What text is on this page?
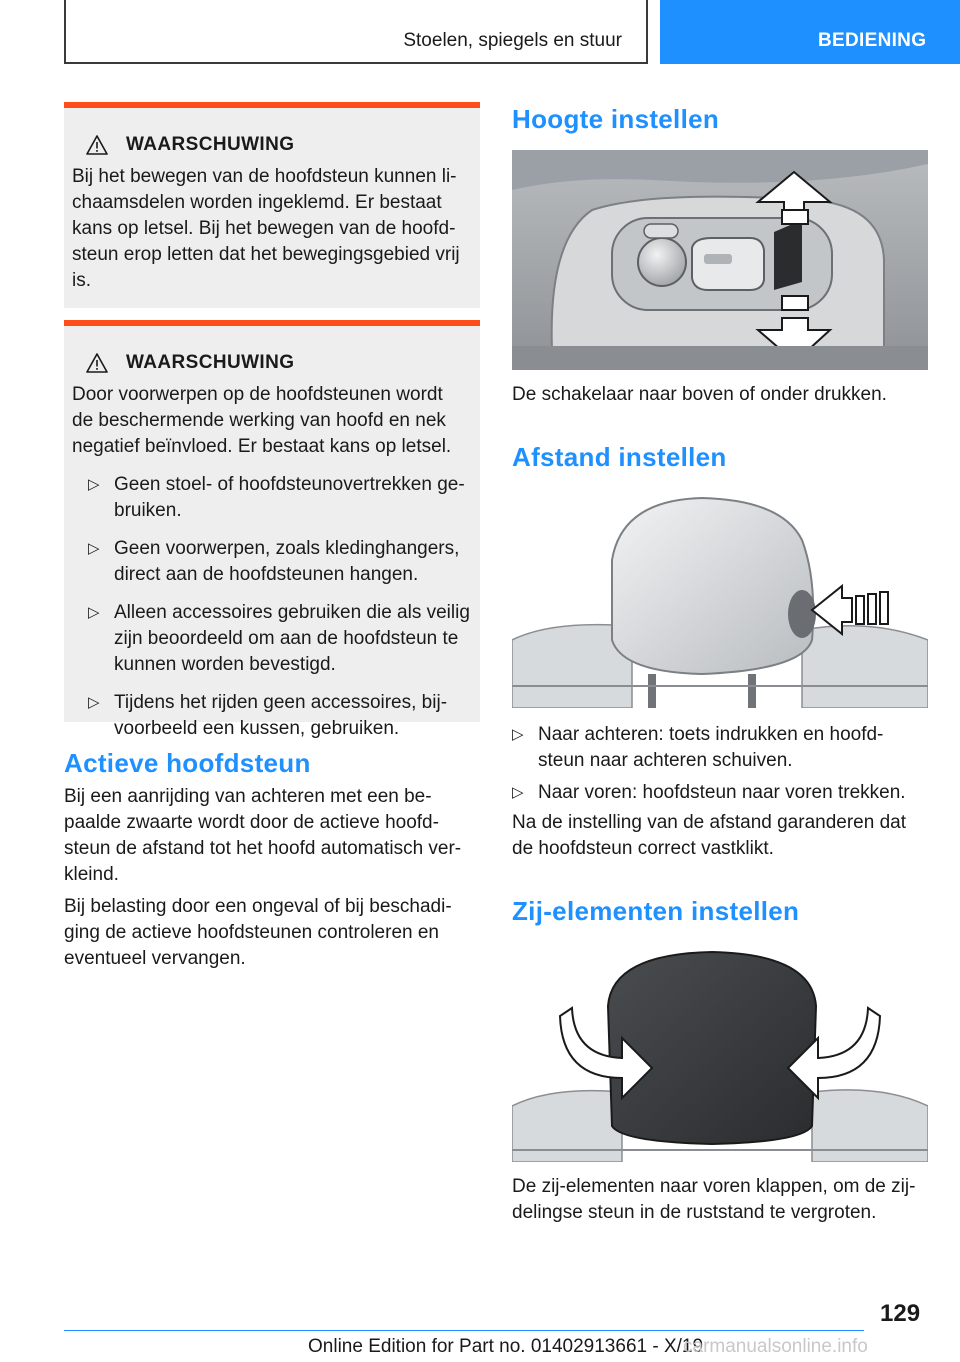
Stoelen, spiegels en stuur	BEDIENING
WAARSCHUWING

Bij het bewegen van de hoofdsteun kunnen li-
chaamsdelen worden ingeklemd. Er bestaat
kans op letsel. Bij het bewegen van de hoofd-
steun erop letten dat het bewegingsgebied vrij
is.

WAARSCHUWING

Door voorwerpen op de hoofdsteunen wordt
de beschermende werking van hoofd en nek
negatief beïnvloed. Er bestaat kans op letsel.

▷ Geen stoel- of hoofdsteunovertrekken ge-
bruiken.
▷ Geen voorwerpen, zoals kledinghangers,
direct aan de hoofdsteunen hangen.
▷ Alleen accessoires gebruiken die als veilig
zijn beoordeeld om aan de hoofdsteun te
kunnen worden bevestigd.
▷ Tijdens het rijden geen accessoires, bij-
voorbeeld een kussen, gebruiken.
Actieve hoofdsteun

Bij een aanrijding van achteren met een be-
paalde zwaarte wordt door de actieve hoofd-
steun de afstand tot het hoofd automatisch ver-
kleind.

Bij belasting door een ongeval of bij beschadi-
ging de actieve hoofdsteunen controleren en
eventueel vervangen.

Hoogte instellen

De schakelaar naar boven of onder drukken.

Afstand instellen
▷ Naar achteren: toets indrukken en hoofd-
steun naar achteren schuiven.
▷ Naar voren: hoofdsteun naar voren trekken.

Na de instelling van de afstand garanderen dat
de hoofdsteun correct vastklikt.

Zij-elementen instellen

De zij-elementen naar voren klappen, om de zij-
delingse steun in de ruststand te vergroten.

129
Online Edition for Part no. 01402913661 - X/19
carmanualsonline.info
